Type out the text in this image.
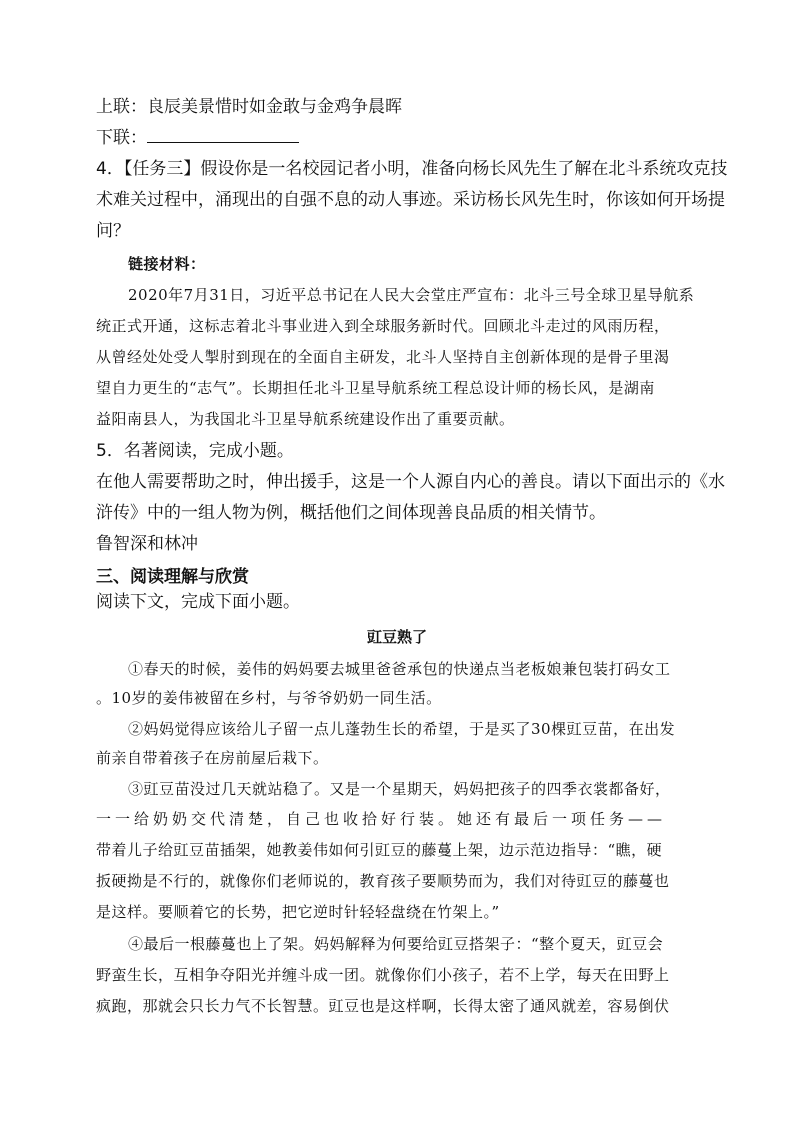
上联：良辰美景惜时如金敢与金鸡争晨晖
下联：
4．【任务三】假设你是一名校园记者小明，准备向杨长风先生了解在北斗系统攻克技
术难关过程中，涌现出的自强不息的动人事迹。采访杨长风先生时，你该如何开场提
问？
链接材料：
2020年7月31日，习近平总书记在人民大会堂庄严宣布：北斗三号全球卫星导航系
统正式开通，这标志着北斗事业进入到全球服务新时代。回顾北斗走过的风雨历程，
从曾经处处受人掣肘到现在的全面自主研发，北斗人坚持自主创新体现的是骨子里渴
望自力更生的“志气”。长期担任北斗卫星导航系统工程总设计师的杨长风，是湖南
益阳南县人，为我国北斗卫星导航系统建设作出了重要贡献。
5．名著阅读，完成小题。
在他人需要帮助之时，伸出援手，这是一个人源自内心的善良。请以下面出示的《水
浒传》中的一组人物为例，概括他们之间体现善良品质的相关情节。
鲁智深和林冲
三、阅读理解与欣赏
阅读下文，完成下面小题。
豇豆熟了
①春天的时候，姜伟的妈妈要去城里爸爸承包的快递点当老板娘兼包装打码女工
。10岁的姜伟被留在乡村，与爷爷奶奶一同生活。
②妈妈觉得应该给儿子留一点儿蓬勃生长的希望，于是买了30棵豇豆苗，在出发
前亲自带着孩子在房前屋后栽下。
③豇豆苗没过几天就站稳了。又是一个星期天，妈妈把孩子的四季衣裳都备好，
一一给奶奶交代清楚，自己也收拾好行装。她还有最后一项任务——
带着儿子给豇豆苗插架，她教姜伟如何引豇豆的藤蔓上架，边示范边指导：“瞧，硬
扳硬拗是不行的，就像你们老师说的，教育孩子要顺势而为，我们对待豇豆的藤蔓也
是这样。要顺着它的长势，把它逆时针轻轻盘绕在竹架上。”
④最后一根藤蔓也上了架。妈妈解释为何要给豇豆搭架子：“整个夏天，豇豆会
野蛮生长，互相争夺阳光并缠斗成一团。就像你们小孩子，若不上学，每天在田野上
疯跑，那就会只长力气不长智慧。豇豆也是这样啊，长得太密了通风就差，容易倒伏
